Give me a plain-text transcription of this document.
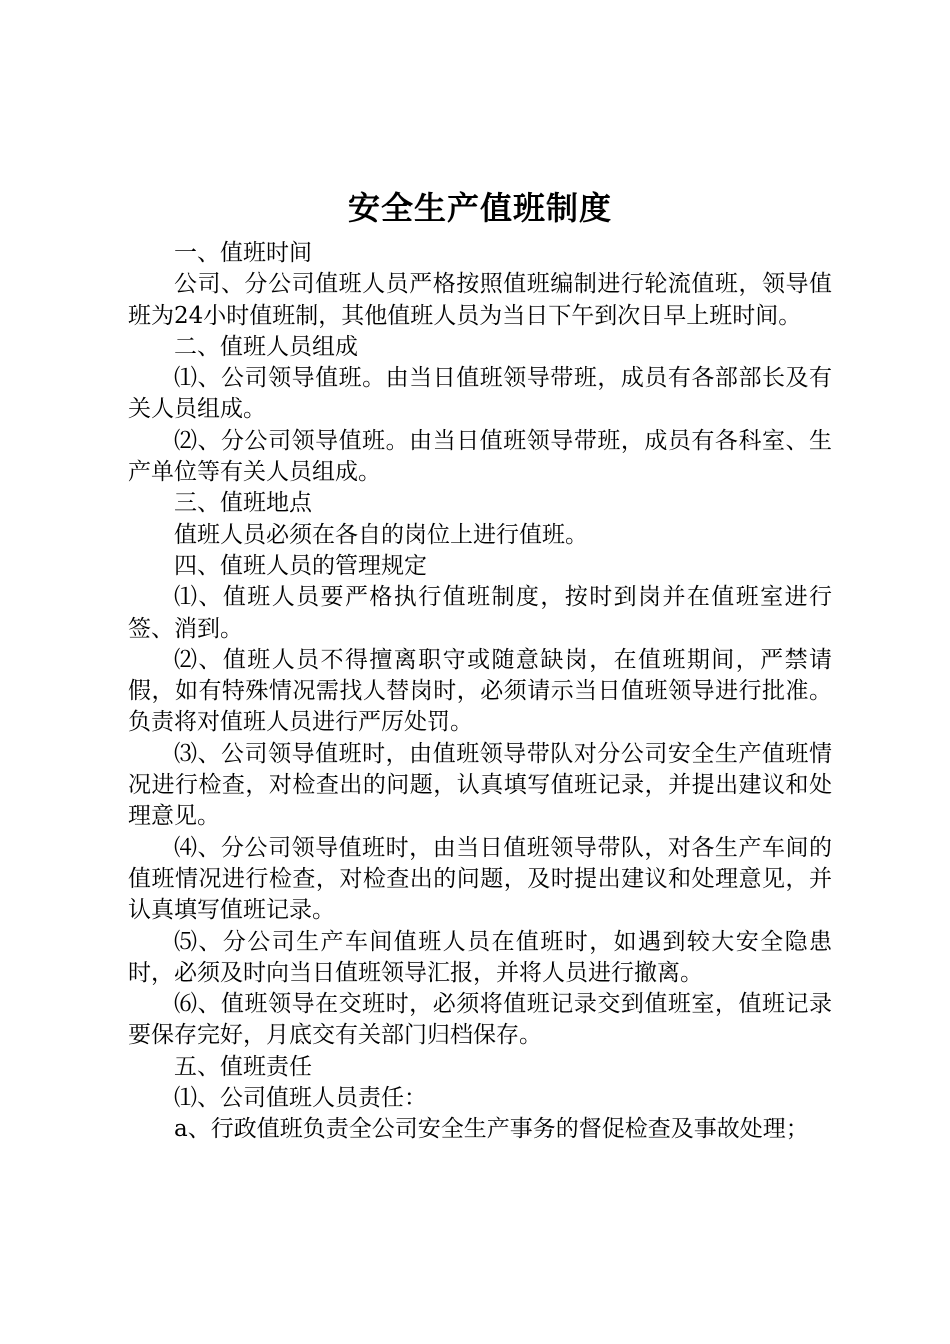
安全生产值班制度

一、值班时间

公司、分公司值班人员严格按照值班编制进行轮流值班，领导值班为24小时值班制，其他值班人员为当日下午到次日早上班时间。

二、值班人员组成

⑴、公司领导值班。由当日值班领导带班，成员有各部部长及有关人员组成。

⑵、分公司领导值班。由当日值班领导带班，成员有各科室、生产单位等有关人员组成。

三、值班地点

值班人员必须在各自的岗位上进行值班。

四、值班人员的管理规定

⑴、值班人员要严格执行值班制度，按时到岗并在值班室进行签、消到。

⑵、值班人员不得擅离职守或随意缺岗，在值班期间，严禁请假，如有特殊情况需找人替岗时，必须请示当日值班领导进行批准。负责将对值班人员进行严厉处罚。

⑶、公司领导值班时，由值班领导带队对分公司安全生产值班情况进行检查，对检查出的问题，认真填写值班记录，并提出建议和处理意见。

⑷、分公司领导值班时，由当日值班领导带队，对各生产车间的值班情况进行检查，对检查出的问题，及时提出建议和处理意见，并认真填写值班记录。

⑸、分公司生产车间值班人员在值班时，如遇到较大安全隐患时，必须及时向当日值班领导汇报，并将人员进行撤离。

⑹、值班领导在交班时，必须将值班记录交到值班室，值班记录要保存完好，月底交有关部门归档保存。

五、值班责任

⑴、公司值班人员责任：

a、行政值班负责全公司安全生产事务的督促检查及事故处理；
